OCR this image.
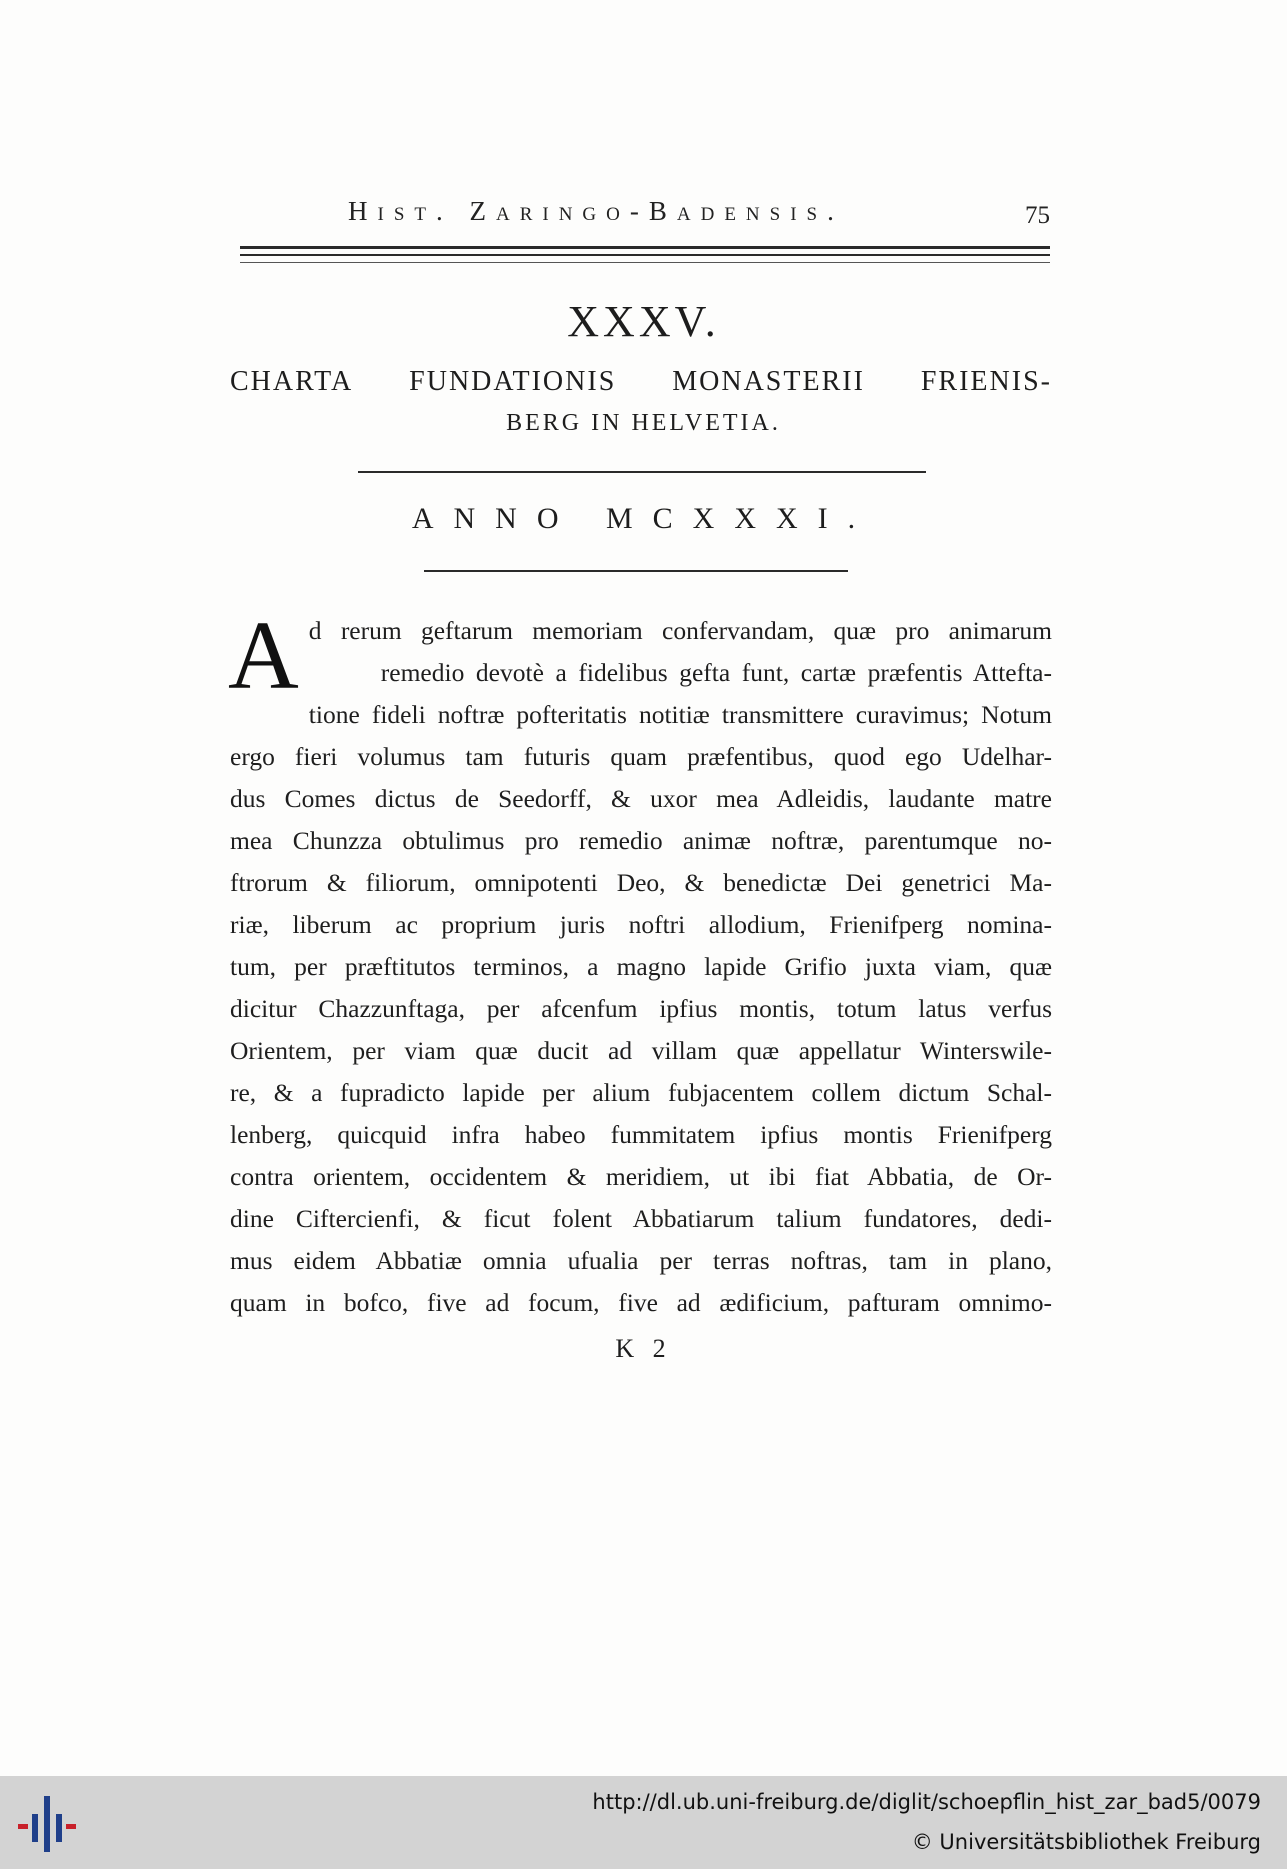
Hist. Zaringo-Badensis.	75
XXXV.
CHARTA FUNDATIONIS MONASTERII FRIENIS-
BERG IN HELVETIA.
ANNO MCXXXI.
A d rerum geftarum memoriam confervandam, quæ pro animarum
remedio devotè a fidelibus gefta funt, cartæ præfentis Attefta-
tione fideli noftræ pofteritatis notitiæ transmittere curavimus; Notum
ergo fieri volumus tam futuris quam præfentibus, quod ego Udelhar-
dus Comes dictus de Seedorff, & uxor mea Adleidis, laudante matre
mea Chunzza obtulimus pro remedio animæ noftræ, parentumque no-
ftrorum & filiorum, omnipotenti Deo, & benedictæ Dei genetrici Ma-
riæ, liberum ac proprium juris noftri allodium, Frienifperg nomina-
tum, per præftitutos terminos, a magno lapide Grifio juxta viam, quæ
dicitur Chazzunftaga, per afcenfum ipfius montis, totum latus verfus
Orientem, per viam quæ ducit ad villam quæ appellatur Winterswile-
re, & a fupradicto lapide per alium fubjacentem collem dictum Schal-
lenberg, quicquid infra habeo fummitatem ipfius montis Frienifperg
contra orientem, occidentem & meridiem, ut ibi fiat Abbatia, de Or-
dine Ciftercienfi, & ficut folent Abbatiarum talium fundatores, dedi-
mus eidem Abbatiæ omnia ufualia per terras noftras, tam in plano,
quam in bofco, five ad focum, five ad ædificium, pafturam omnimo-
K 2
http://dl.ub.uni-freiburg.de/diglit/schoepflin_hist_zar_bad5/0079
© Universitätsbibliothek Freiburg
